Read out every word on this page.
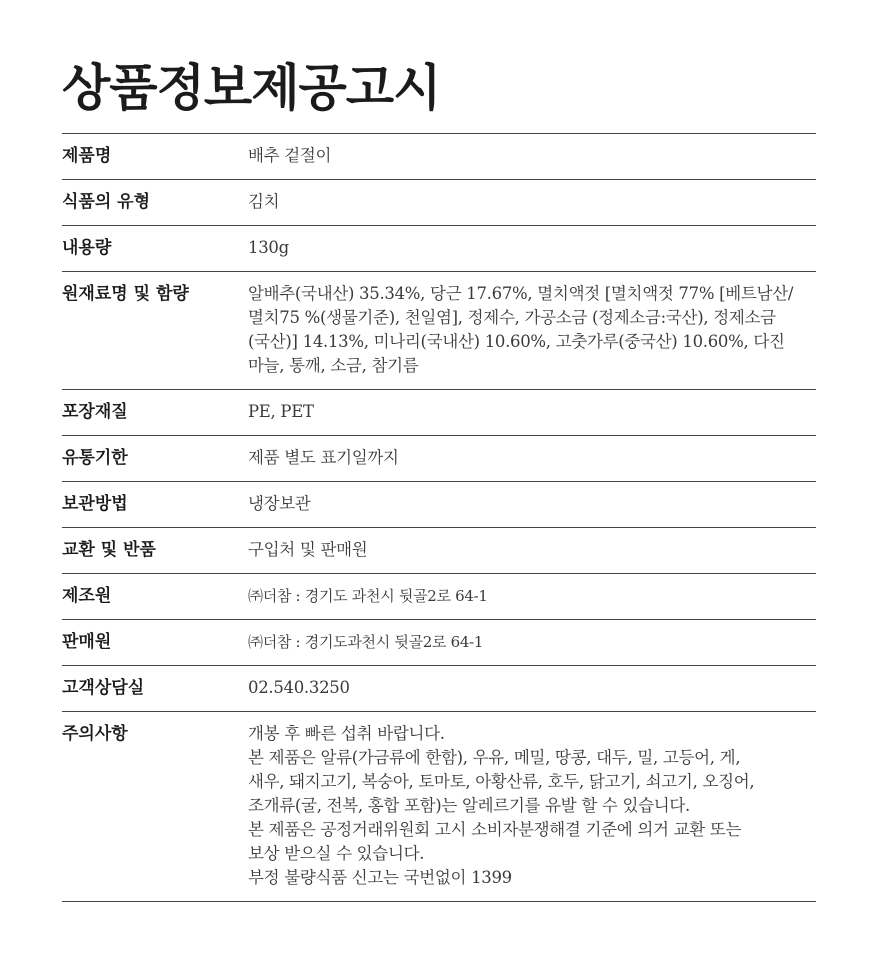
상품정보제공고시
제품명	배추 겉절이
식품의 유형	김치
내용량	130g
원재료명 및 함량	알배추(국내산) 35.34%, 당근 17.67%, 멸치액젓 [멸치액젓 77% [베트남산/
멸치75 %(생물기준), 천일염], 정제수, 가공소금 (정제소금:국산), 정제소금
(국산)] 14.13%, 미나리(국내산) 10.60%, 고춧가루(중국산) 10.60%, 다진
마늘, 통깨, 소금, 참기름
포장재질	PE, PET
유통기한	제품 별도 표기일까지
보관방법	냉장보관
교환 및 반품	구입처 및 판매원
제조원	㈜더참 : 경기도 과천시 뒷골2로 64-1
판매원	㈜더참 : 경기도과천시 뒷골2로 64-1
고객상담실	02.540.3250
주의사항	개봉 후 빠른 섭취 바랍니다.
본 제품은 알류(가금류에 한함), 우유, 메밀, 땅콩, 대두, 밀, 고등어, 게,
새우, 돼지고기, 복숭아, 토마토, 아황산류, 호두, 닭고기, 쇠고기, 오징어,
조개류(굴, 전복, 홍합 포함)는 알레르기를 유발 할 수 있습니다.
본 제품은 공정거래위원회 고시 소비자분쟁해결 기준에 의거 교환 또는
보상 받으실 수 있습니다.
부정 불량식품 신고는 국번없이 1399
